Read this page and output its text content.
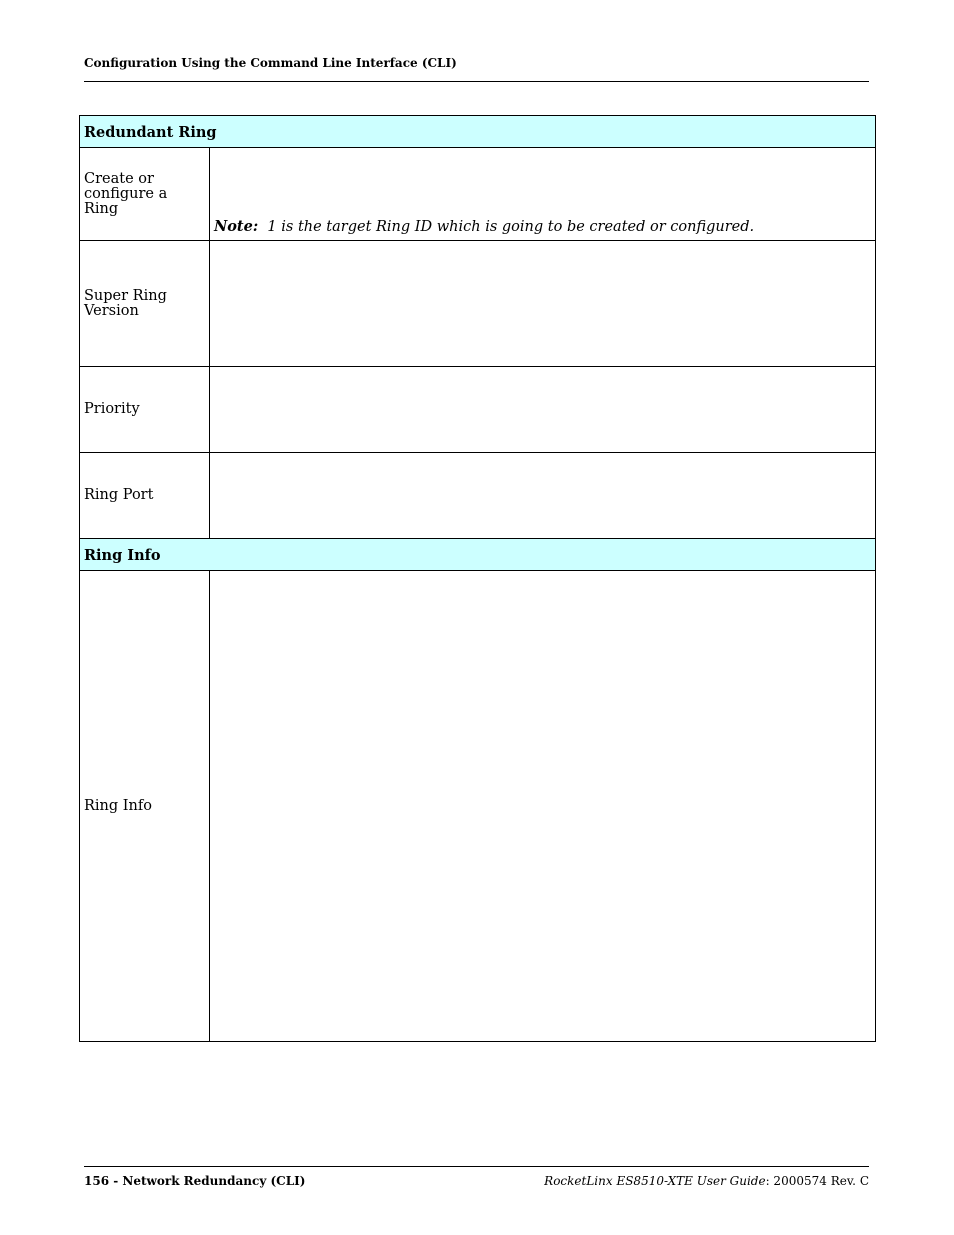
Configuration Using the Command Line Interface (CLI)
Redundant Ring	
Create or configure a Ring	Note: 1 is the target Ring ID which is going to be created or configured.

Super Ring Version	
Priority	
Ring Port	
Ring Info	
Ring Info	
156 - Network Redundancy (CLI)	RocketLinx ES8510-XTE User Guide: 2000574 Rev. C
